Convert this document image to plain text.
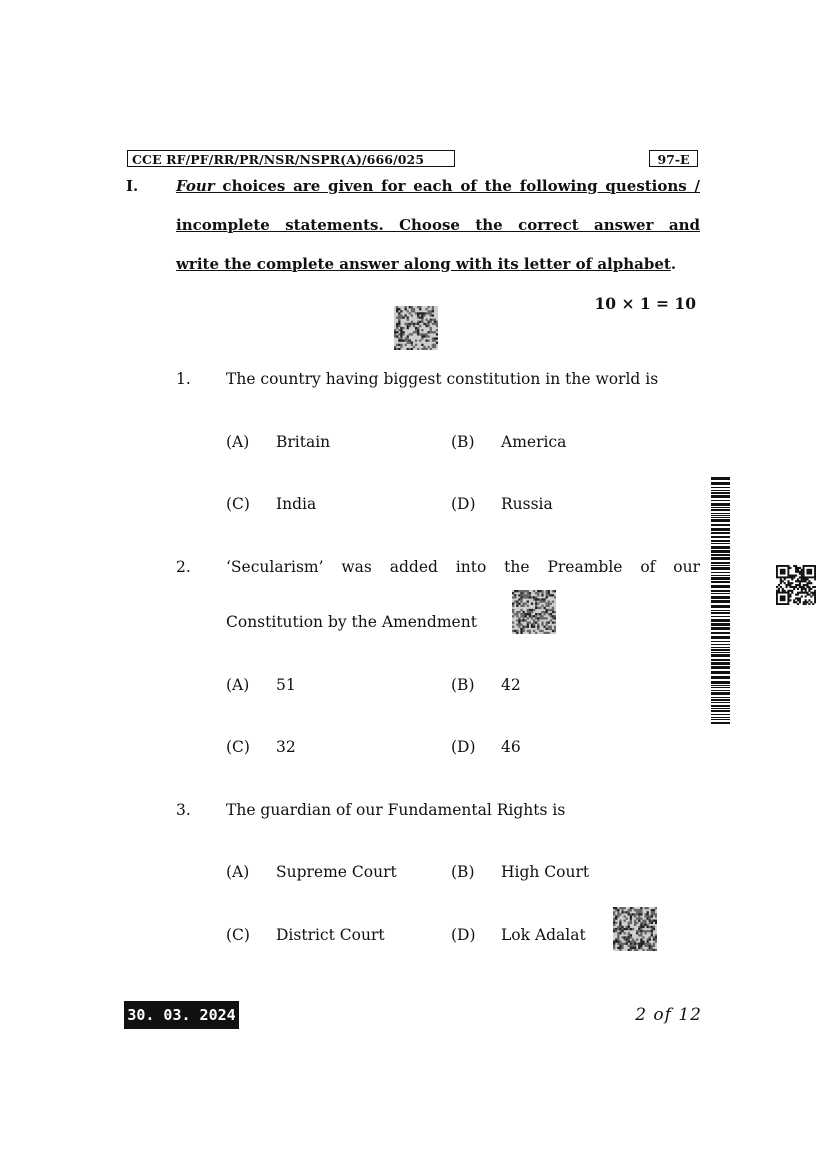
CCE RF/PF/RR/PR/NSR/NSPR(A)/666/025	97-E
I.	Four choices are given for each of the following questions /
incomplete statements. Choose the correct answer and
write the complete answer along with its letter of alphabet.
10 × 1 = 10
1. The country having biggest constitution in the world is
(A) Britain	(B) America
(C) India	(D) Russia
2. ‘Secularism’ was added into the Preamble of our
Constitution by the Amendment
(A) 51	(B) 42
(C) 32	(D) 46
3. The guardian of our Fundamental Rights is
(A) Supreme Court	(B) High Court
(C) District Court	(D) Lok Adalat
30. 03. 2024	2 of 12
